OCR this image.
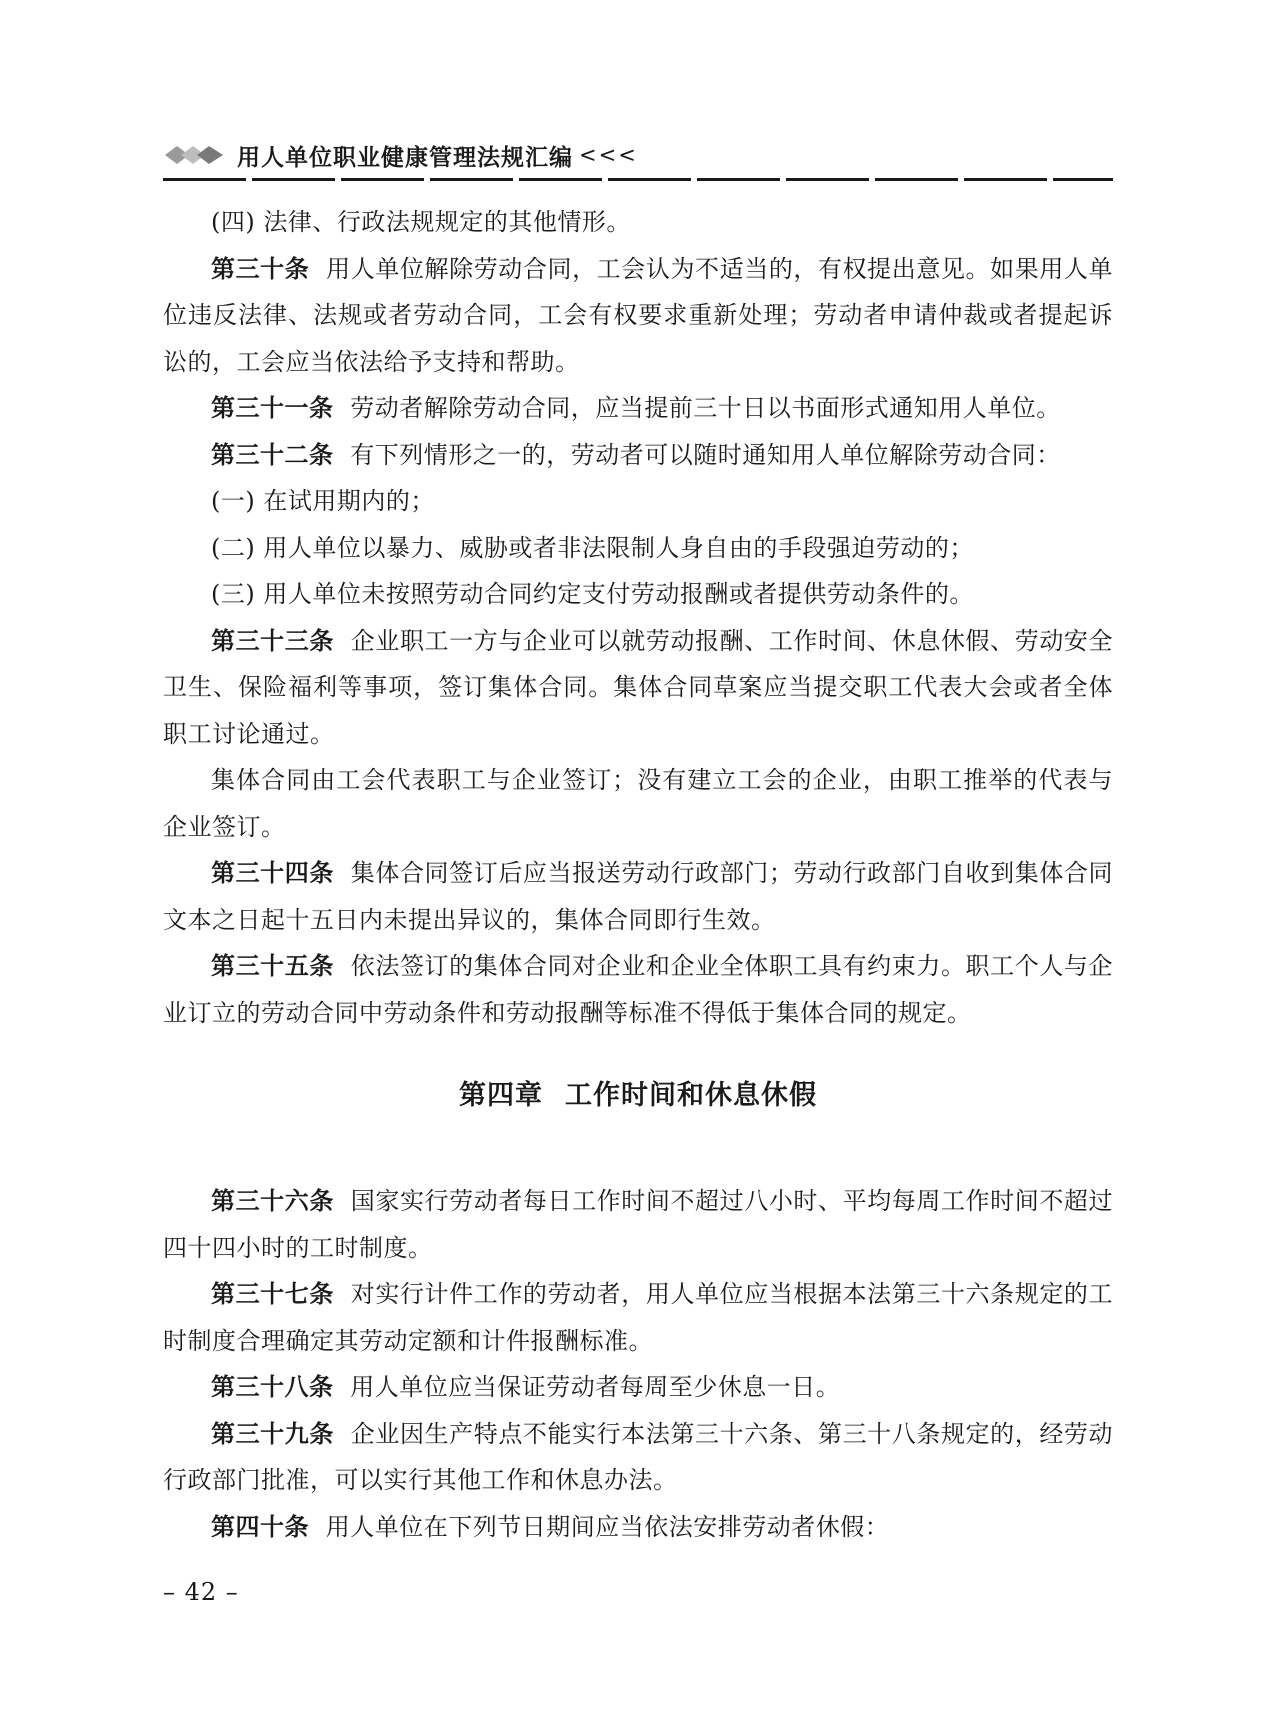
用人单位职业健康管理法规汇编 <<<

(四) 法律、行政法规规定的其他情形。

第三十条 用人单位解除劳动合同，工会认为不适当的，有权提出意见。如果用人单位违反法律、法规或者劳动合同，工会有权要求重新处理；劳动者申请仲裁或者提起诉讼的，工会应当依法给予支持和帮助。

第三十一条 劳动者解除劳动合同，应当提前三十日以书面形式通知用人单位。

第三十二条 有下列情形之一的，劳动者可以随时通知用人单位解除劳动合同：

(一) 在试用期内的；

(二) 用人单位以暴力、威胁或者非法限制人身自由的手段强迫劳动的；

(三) 用人单位未按照劳动合同约定支付劳动报酬或者提供劳动条件的。

第三十三条 企业职工一方与企业可以就劳动报酬、工作时间、休息休假、劳动安全卫生、保险福利等事项，签订集体合同。集体合同草案应当提交职工代表大会或者全体职工讨论通过。

集体合同由工会代表职工与企业签订；没有建立工会的企业，由职工推举的代表与企业签订。

第三十四条 集体合同签订后应当报送劳动行政部门；劳动行政部门自收到集体合同文本之日起十五日内未提出异议的，集体合同即行生效。

第三十五条 依法签订的集体合同对企业和企业全体职工具有约束力。职工个人与企业订立的劳动合同中劳动条件和劳动报酬等标准不得低于集体合同的规定。

第四章 工作时间和休息休假

第三十六条 国家实行劳动者每日工作时间不超过八小时、平均每周工作时间不超过四十四小时的工时制度。

第三十七条 对实行计件工作的劳动者，用人单位应当根据本法第三十六条规定的工时制度合理确定其劳动定额和计件报酬标准。

第三十八条 用人单位应当保证劳动者每周至少休息一日。

第三十九条 企业因生产特点不能实行本法第三十六条、第三十八条规定的，经劳动行政部门批准，可以实行其他工作和休息办法。

第四十条 用人单位在下列节日期间应当依法安排劳动者休假：

– 42 –
